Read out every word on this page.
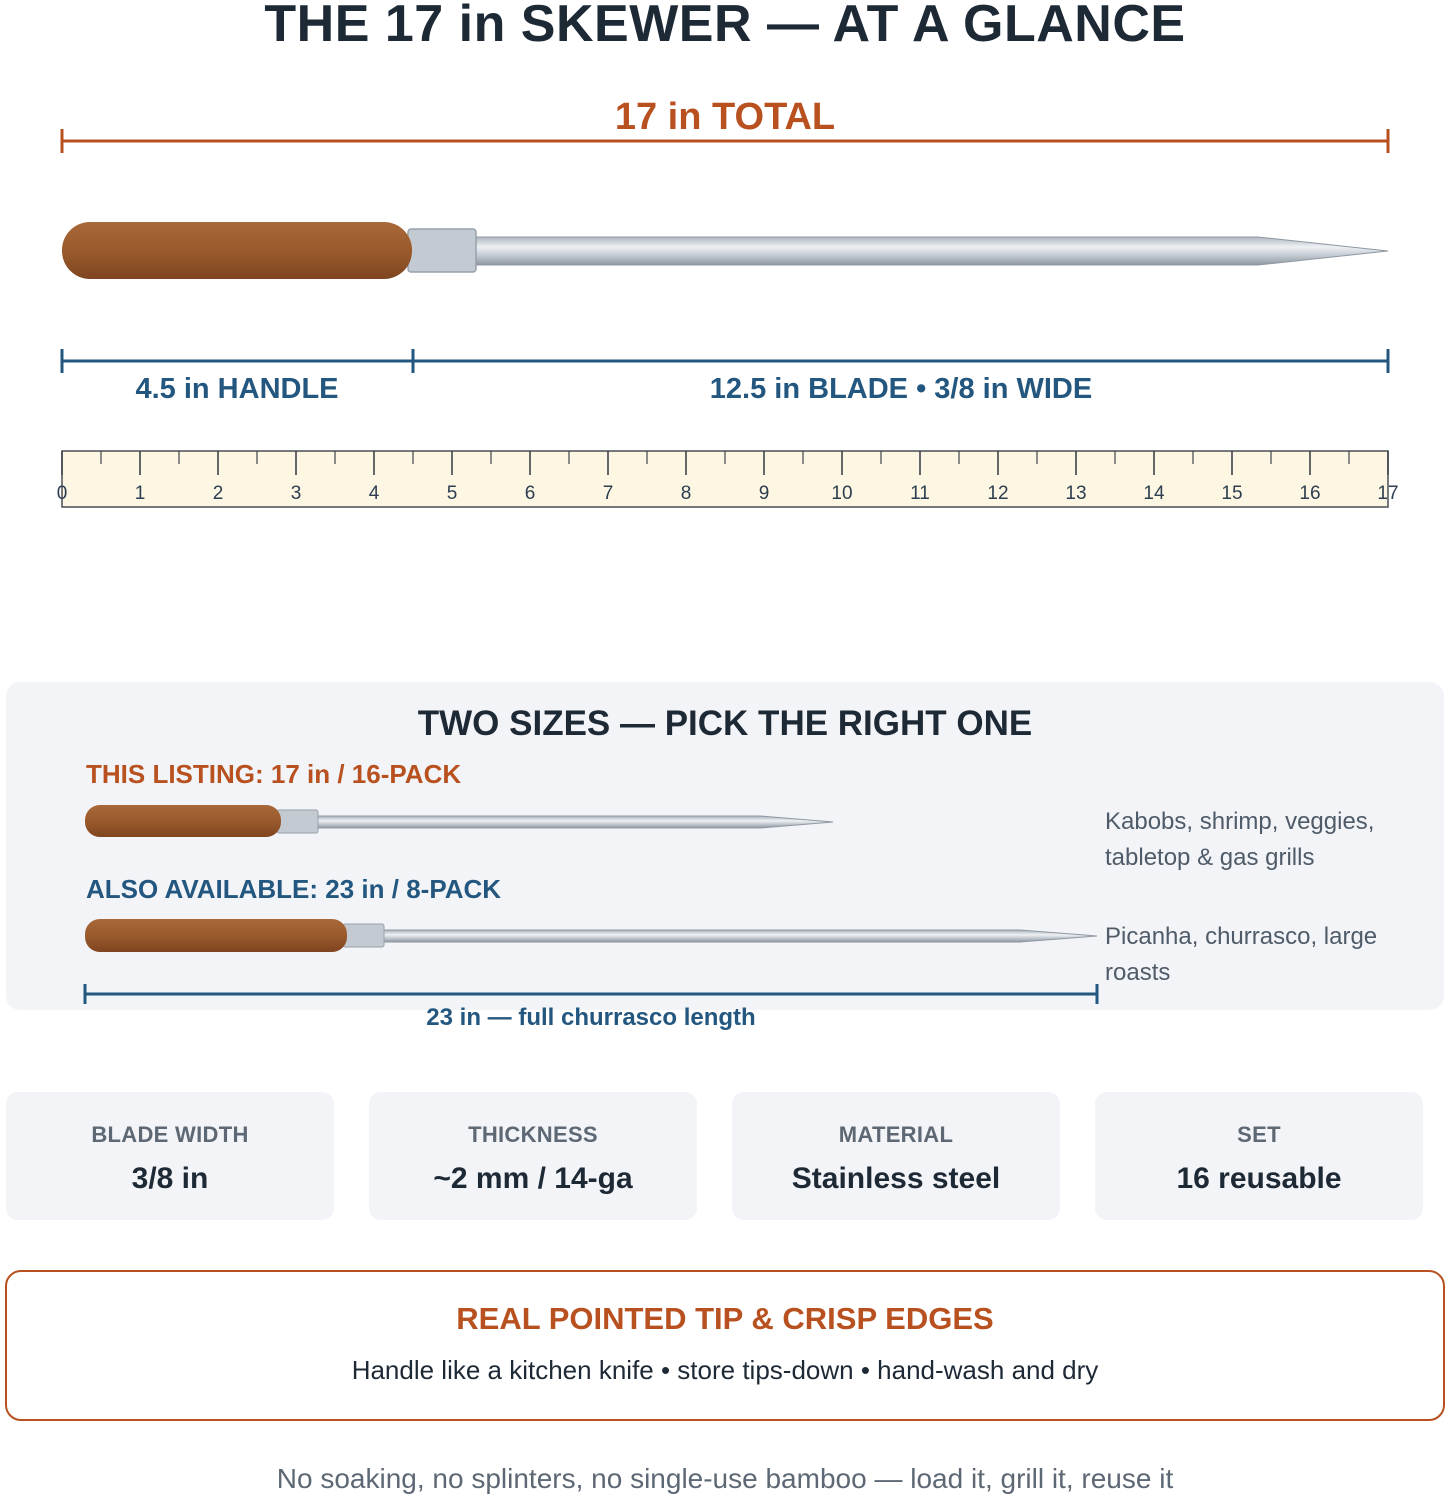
THE 17 in SKEWER — AT A GLANCE
17 in TOTAL
0	1	2	3	4	5	6	7	8	9	10	11	12	13	14	15	16	17
4.5 in HANDLE	12.5 in BLADE • 3/8 in WIDE
TWO SIZES — PICK THE RIGHT ONE
THIS LISTING: 17 in / 16-PACK
ALSO AVAILABLE: 23 in / 8-PACK
Kabobs, shrimp, veggies, tabletop & gas grills
Picanha, churrasco, large roasts
23 in — full churrasco length
BLADE WIDTH
3/8 in
THICKNESS
~2 mm / 14-ga
MATERIAL
Stainless steel
SET
16 reusable
REAL POINTED TIP & CRISP EDGES
Handle like a kitchen knife • store tips-down • hand-wash and dry
No soaking, no splinters, no single-use bamboo — load it, grill it, reuse it
